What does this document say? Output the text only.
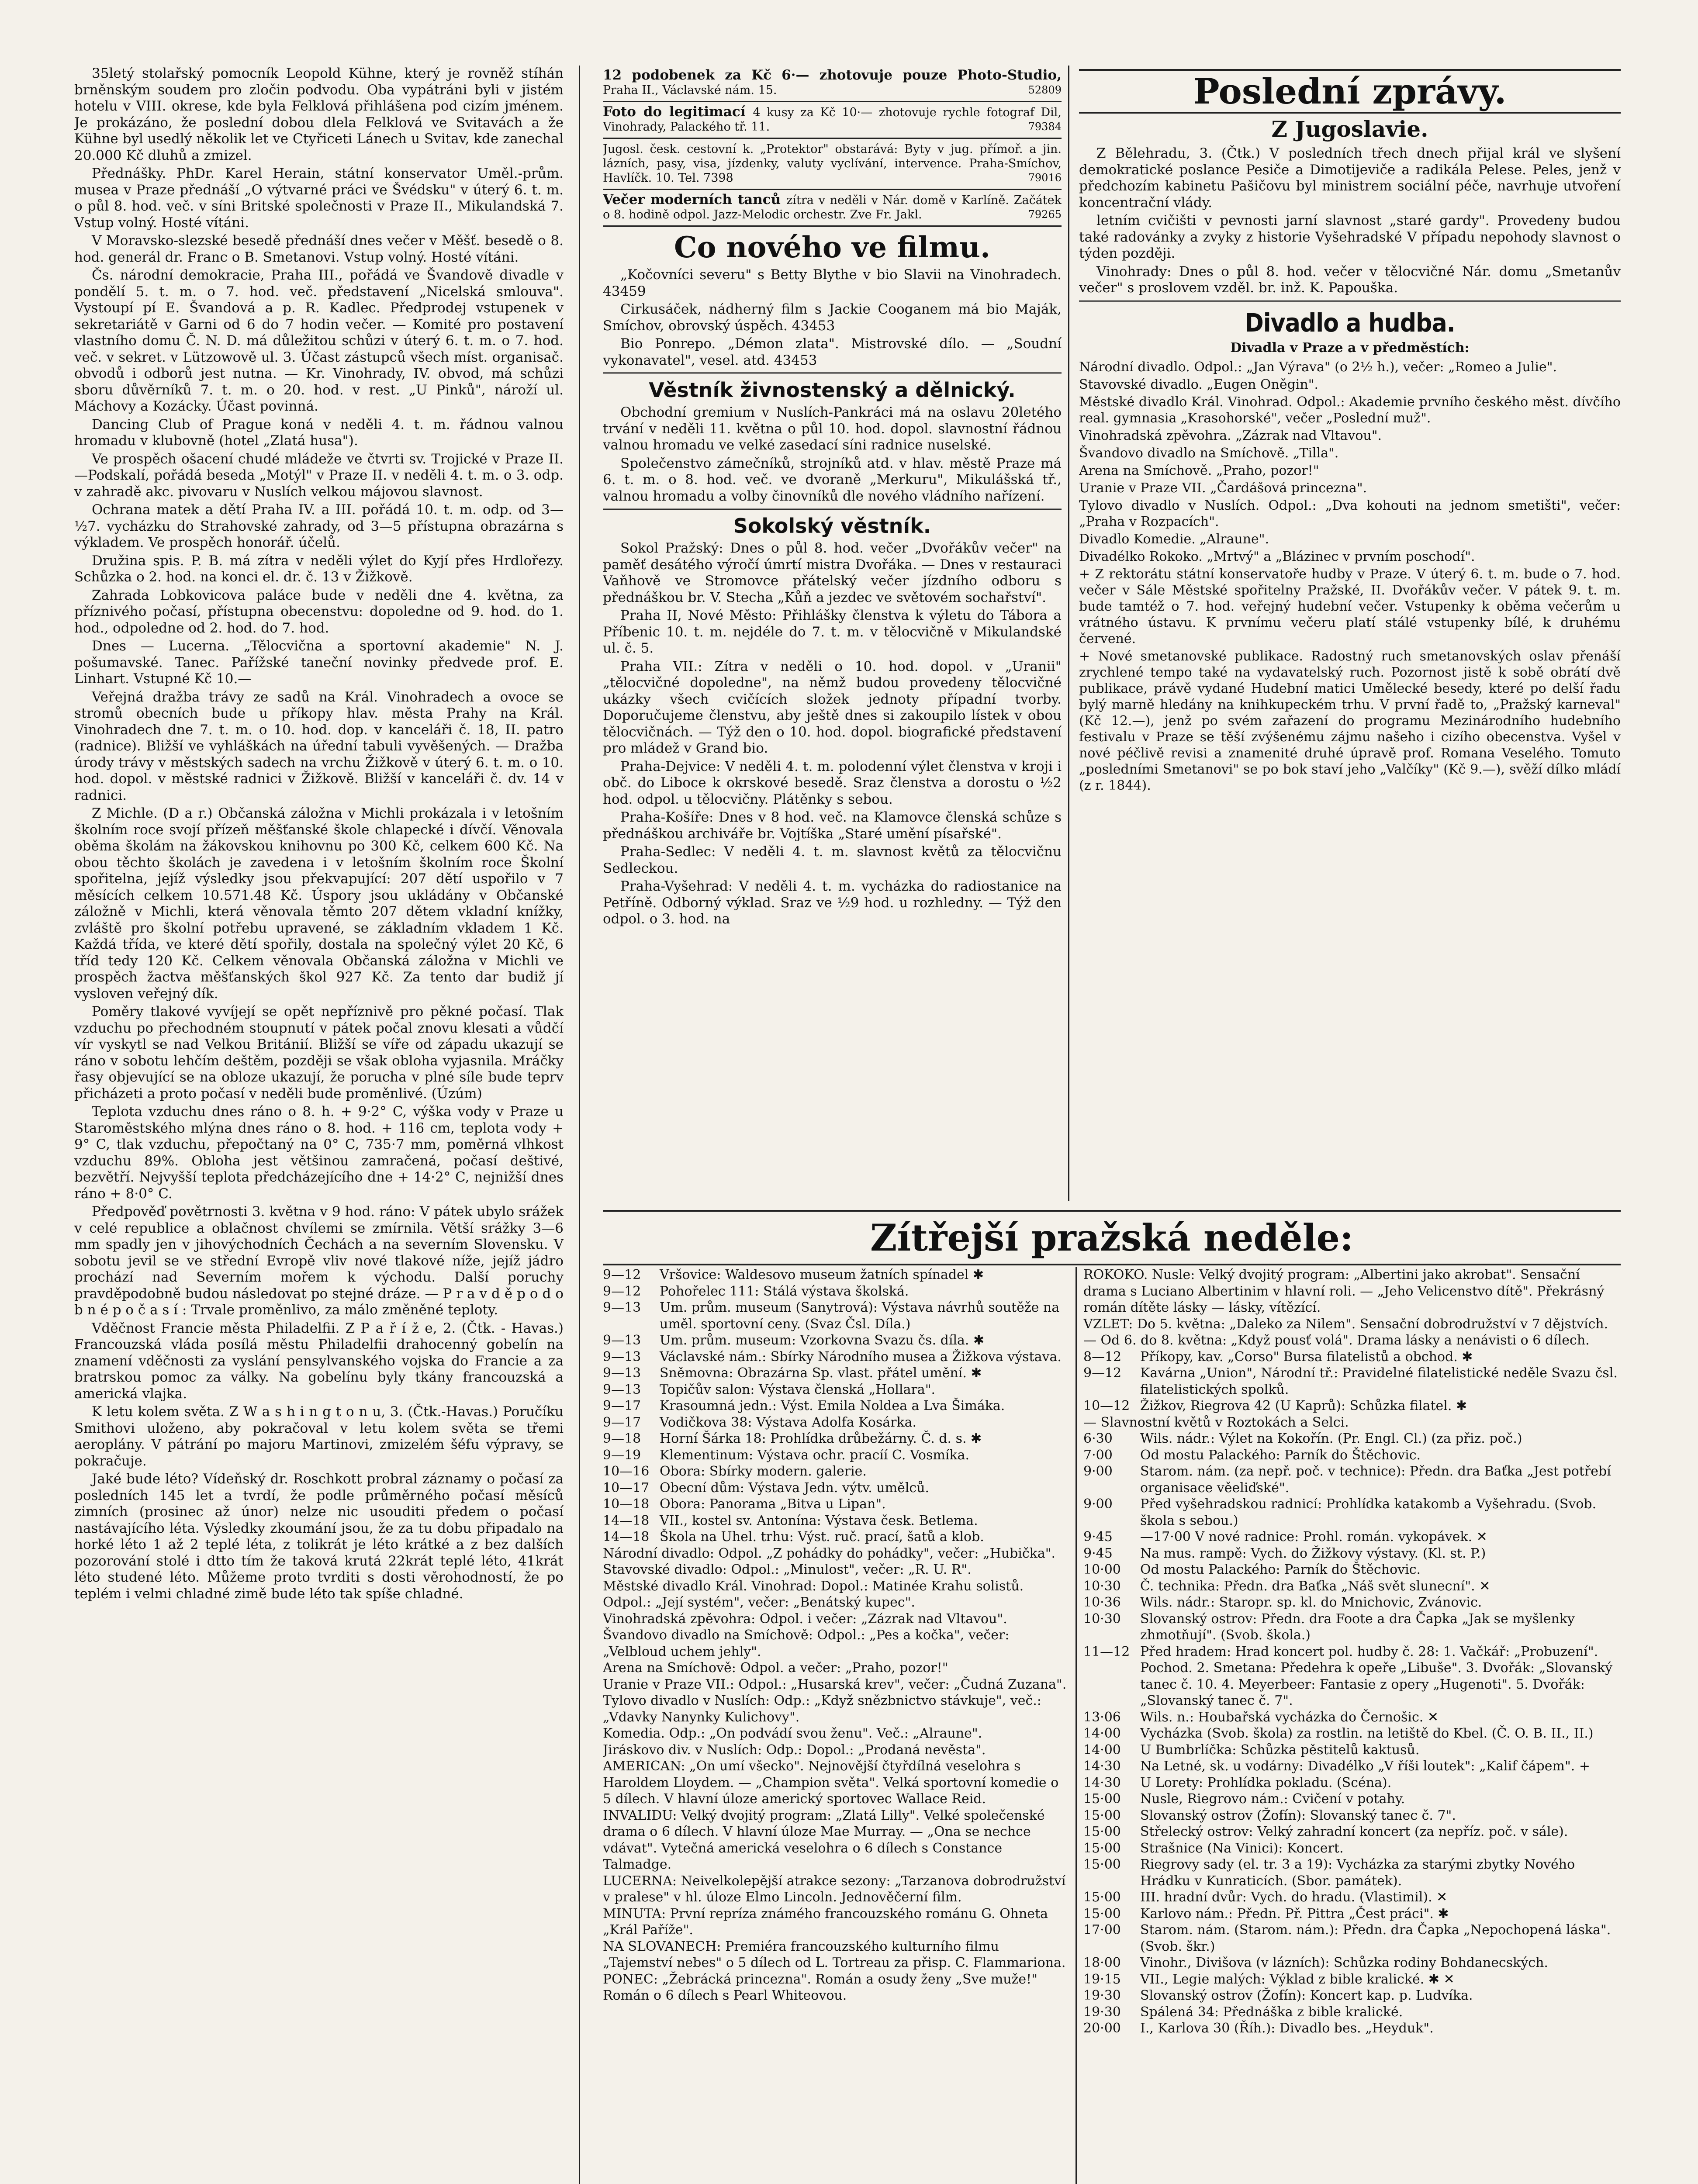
35letý stolařský pomocník Leopold Kühne, který je rovněž stíhán brněnským soudem pro zločin podvodu. Oba vypátráni byli v jistém hotelu v VIII. okrese, kde byla Felklová přihlášena pod cizím jménem. Je prokázáno, že poslední dobou dlela Felklová ve Svitavách a že Kühne byl usedlý několik let ve Ctyřiceti Lánech u Svitav, kde zanechal 20.000 Kč dluhů a zmizel.

Přednášky. PhDr. Karel Herain, státní konservator Uměl.-prům. musea v Praze přednáší „O výtvarné práci ve Švédsku" v úterý 6. t. m. o půl 8. hod. več. v síni Britské společnosti v Praze II., Mikulandská 7. Vstup volný. Hosté vítáni.

V Moravsko-slezské besedě přednáší dnes večer v Měšť. besedě o 8. hod. generál dr. Franc o B. Smetanovi. Vstup volný. Hosté vítáni.

Čs. národní demokracie, Praha III., pořádá ve Švandově divadle v pondělí 5. t. m. o 7. hod. več. představení „Nicelská smlouva". Vystoupí pí E. Švandová a p. R. Kadlec. Předprodej vstupenek v sekretariátě v Garni od 6 do 7 hodin večer. — Komité pro postavení vlastního domu Č. N. D. má důležitou schůzi v úterý 6. t. m. o 7. hod. več. v sekret. v Lützowově ul. 3. Účast zástupců všech míst. organisač. obvodů i odborů jest nutna. — Kr. Vinohrady, IV. obvod, má schůzi sboru důvěrníků 7. t. m. o 20. hod. v rest. „U Pinků", nároží ul. Máchovy a Kozácky. Účast povinná.

Dancing Club of Prague koná v neděli 4. t. m. řádnou valnou hromadu v klubovně (hotel „Zlatá husa").

Ve prospěch ošacení chudé mládeže ve čtvrti sv. Trojické v Praze II.—Podskalí, pořádá beseda „Motýl" v Praze II. v neděli 4. t. m. o 3. odp. v zahradě akc. pivovaru v Nuslích velkou májovou slavnost.

Ochrana matek a dětí Praha IV. a III. pořádá 10. t. m. odp. od 3—½7. vycházku do Strahovské zahrady, od 3—5 přístupna obrazárna s výkladem. Ve prospěch honorář. účelů.

Družina spis. P. B. má zítra v neděli výlet do Kyjí přes Hrdlořezy. Schůzka o 2. hod. na konci el. dr. č. 13 v Žižkově.

Zahrada Lobkovicova paláce bude v neděli dne 4. května, za příznivého počasí, přístupna obecenstvu: dopoledne od 9. hod. do 1. hod., odpoledne od 2. hod. do 7. hod.

Dnes — Lucerna. „Tělocvična a sportovní akademie" N. J. pošumavské. Tanec. Pařížské taneční novinky předvede prof. E. Linhart. Vstupné Kč 10.—

Veřejná dražba trávy ze sadů na Král. Vinohradech a ovoce se stromů obecních bude u příkopy hlav. města Prahy na Král. Vinohradech dne 7. t. m. o 10. hod. dop. v kanceláři č. 18, II. patro (radnice). Bližší ve vyhláškách na úřední tabuli vyvěšených. — Dražba úrody trávy v městských sadech na vrchu Žižkově v úterý 6. t. m. o 10. hod. dopol. v městské radnici v Žižkově. Bližší v kanceláři č. dv. 14 v radnici.

Z Michle. (D a r.) Občanská záložna v Michli prokázala i v letošním školním roce svojí přízeň měšťanské škole chlapecké i dívčí. Věnovala oběma školám na žákovskou knihovnu po 300 Kč, celkem 600 Kč. Na obou těchto školách je zavedena i v letošním školním roce Školní spořitelna, jejíž výsledky jsou překvapující: 207 dětí uspořilo v 7 měsících celkem 10.571.48 Kč. Úspory jsou ukládány v Občanské záložně v Michli, která věnovala těmto 207 dětem vkladní knížky, zvláště pro školní potřebu upravené, se základním vkladem 1 Kč. Každá třída, ve které dětí spořily, dostala na společný výlet 20 Kč, 6 tříd tedy 120 Kč. Celkem věnovala Občanská záložna v Michli ve prospěch žactva měšťanských škol 927 Kč. Za tento dar budiž jí vysloven veřejný dík.

Poměry tlakové vyvíjejí se opět nepříznivě pro pěkné počasí. Tlak vzduchu po přechodném stoupnutí v pátek počal znovu klesati a vůdčí vír vyskytl se nad Velkou Británií. Bližší se víře od západu ukazují se ráno v sobotu lehčím deštěm, později se však obloha vyjasnila. Mráčky řasy objevující se na obloze ukazují, že porucha v plné síle bude teprv přicházeti a proto počasí v neděli bude proměnlivé. (Úzúm)

Teplota vzduchu dnes ráno o 8. h. + 9·2° C, výška vody v Praze u Staroměstského mlýna dnes ráno o 8. hod. + 116 cm, teplota vody + 9° C, tlak vzduchu, přepočtaný na 0° C, 735·7 mm, poměrná vlhkost vzduchu 89%. Obloha jest většinou zamračená, počasí deštivé, bezvětří. Nejvyšší teplota předcházejícího dne + 14·2° C, nejnižší dnes ráno + 8·0° C.

Předpověď povětrnosti 3. května v 9 hod. ráno: V pátek ubylo srážek v celé republice a oblačnost chvílemi se zmírnila. Větší srážky 3—6 mm spadly jen v jihovýchodních Čechách a na severním Slovensku. V sobotu jevil se ve střední Evropě vliv nové tlakové níže, jejíž jádro prochází nad Severním mořem k východu. Další poruchy pravděpodobně budou následovat po stejné dráze. — P r a v d ě p o d o b n é p o č a s í : Trvale proměnlivo, za málo změněné teploty.

Vděčnost Francie města Philadelfii. Z P a ř í ž e, 2. (Čtk. - Havas.) Francouzská vláda posílá městu Philadelfii drahocenný gobelín na znamení vděčnosti za vyslání pensylvanského vojska do Francie a za bratrskou pomoc za války. Na gobelínu byly tkány francouzská a americká vlajka.

K letu kolem světa. Z W a s h i n g t o n u, 3. (Čtk.-Havas.) Poručíku Smithovi uloženo, aby pokračoval v letu kolem světa se třemi aeroplány. V pátrání po majoru Martinovi, zmizelém šéfu výpravy, se pokračuje.

Jaké bude léto? Vídeňský dr. Roschkott probral záznamy o počasí za posledních 145 let a tvrdí, že podle průměrného počasí měsíců zimních (prosinec až únor) nelze nic usouditi předem o počasí nastávajícího léta. Výsledky zkoumání jsou, že za tu dobu připadalo na horké léto 1 až 2 teplé léta, z tolikrát je léto krátké a z bez dalších pozorování stolé i dtto tím že taková krutá 22krát teplé léto, 41krát léto studené léto. Můžeme proto tvrditi s dosti věrohodností, že po teplém i velmi chladné zimě bude léto tak spíše chladné.

12 podobenek za Kč 6·— zhotovuje pouze Photo-Studio, Praha II., Václavské nám. 15.	52809
Foto do legitimací 4 kusy za Kč 10·— zhotovuje rychle fotograf Dil, Vinohrady, Palackého tř. 11.	79384
Jugosl. česk. cestovní k. „Protektor" obstarává: Byty v jug. přímoř. a jin. lázních, pasy, visa, jízdenky, valuty vyclívání, intervence. Praha-Smíchov, Havlíčk. 10. Tel. 7398	79016
Večer moderních tanců zítra v neděli v Nár. domě v Karlíně. Začátek o 8. hodině odpol. Jazz-Melodic orchestr. Zve Fr. Jakl.	79265
Co nového ve filmu.

„Kočovníci severu" s Betty Blythe v bio Slavii na Vinohradech. 43459

Cirkusáček, nádherný film s Jackie Cooganem má bio Maják, Smíchov, obrovský úspěch. 43453

Bio Ponrepo. „Démon zlata". Mistrovské dílo. — „Soudní vykonavatel", vesel. atd. 43453

Věstník živnostenský a dělnický.

Obchodní gremium v Nuslích-Pankráci má na oslavu 20letého trvání v neděli 11. května o půl 10. hod. dopol. slavnostní řádnou valnou hromadu ve velké zasedací síni radnice nuselské.

Společenstvo zámečníků, strojníků atd. v hlav. městě Praze má 6. t. m. o 8. hod. več. ve dvoraně „Merkuru", Mikulášská tř., valnou hromadu a volby činovníků dle nového vládního nařízení.

Sokolský věstník.

Sokol Pražský: Dnes o půl 8. hod. večer „Dvořákův večer" na paměť desátého výročí úmrtí mistra Dvořáka. — Dnes v restauraci Vaňhově ve Stromovce přátelský večer jízdního odboru s přednáškou br. V. Stecha „Kůň a jezdec ve světovém sochařství".

Praha II, Nové Město: Přihlášky členstva k výletu do Tábora a Příbenic 10. t. m. nejdéle do 7. t. m. v tělocvičně v Mikulandské ul. č. 5.

Praha VII.: Zítra v neděli o 10. hod. dopol. v „Uranii" „tělocvičné dopoledne", na němž budou provedeny tělocvičné ukázky všech cvičících složek jednoty případní tvorby. Doporučujeme členstvu, aby ještě dnes si zakoupilo lístek v obou tělocvičnách. — Týž den o 10. hod. dopol. biografické představení pro mládež v Grand bio.

Praha-Dejvice: V neděli 4. t. m. polodenní výlet členstva v kroji i obč. do Liboce k okrskové besedě. Sraz členstva a dorostu o ½2 hod. odpol. u tělocvičny. Plátěnky s sebou.

Praha-Košíře: Dnes v 8 hod. več. na Klamovce členská schůze s přednáškou archiváře br. Vojtíška „Staré umění písařské".

Praha-Sedlec: V neděli 4. t. m. slavnost květů za tělocvičnu Sedleckou.

Praha-Vyšehrad: V neděli 4. t. m. vycházka do radiostanice na Petříně. Odborný výklad. Sraz ve ½9 hod. u rozhledny. — Týž den odpol. o 3. hod. na

Poslední zprávy.
Z Jugoslavie.

Z Bělehradu, 3. (Čtk.) V posledních třech dnech přijal král ve slyšení demokratické poslance Pesiče a Dimotijeviče a radikála Pelese. Peles, jenž v předchozím kabinetu Pašičovu byl ministrem sociální péče, navrhuje utvoření koncentrační vlády.

letním cvičišti v pevnosti jarní slavnost „staré gardy". Provedeny budou také radovánky a zvyky z historie Vyšehradské V případu nepohody slavnost o týden později.

Vinohrady: Dnes o půl 8. hod. večer v tělocvičné Nár. domu „Smetanův večer" s proslovem vzděl. br. inž. K. Papouška.

Divadlo a hudba.
Divadla v Praze a v předměstích:

Národní divadlo. Odpol.: „Jan Výrava" (o 2½ h.), večer: „Romeo a Julie".

Stavovské divadlo. „Eugen Oněgin".

Městské divadlo Král. Vinohrad. Odpol.: Akademie prvního českého měst. dívčího real. gymnasia „Krasohorské", večer „Poslední muž".

Vinohradská zpěvohra. „Zázrak nad Vltavou".

Švandovo divadlo na Smíchově. „Tilla".

Arena na Smíchově. „Praho, pozor!"

Uranie v Praze VII. „Čardášová princezna".

Tylovo divadlo v Nuslích. Odpol.: „Dva kohouti na jednom smetišti", večer: „Praha v Rozpacích".

Divadlo Komedie. „Alraune".

Divadélko Rokoko. „Mrtvý" a „Blázinec v prvním poschodí".

+ Z rektorátu státní konservatoře hudby v Praze. V úterý 6. t. m. bude o 7. hod. večer v Sále Městské spořitelny Pražské, II. Dvořákův večer. V pátek 9. t. m. bude tamtéž o 7. hod. veřejný hudební večer. Vstupenky k oběma večerům u vrátného ústavu. K prvnímu večeru platí stálé vstupenky bílé, k druhému červené.

+ Nové smetanovské publikace. Radostný ruch smetanovských oslav přenáší zrychlené tempo také na vydavatelský ruch. Pozornost jistě k sobě obrátí dvě publikace, právě vydané Hudební matici Umělecké besedy, které po delší řadu bylý marně hledány na knihkupeckém trhu. V první řadě to, „Pražský karneval" (Kč 12.—), jenž po svém zařazení do programu Mezinárodního hudebního festivalu v Praze se těší zvýšenému zájmu našeho i cizího obecenstva. Vyšel v nové péčlivě revisi a znamenité druhé úpravě prof. Romana Veselého. Tomuto „posledními Smetanovi" se po bok staví jeho „Valčíky" (Kč 9.—), svěží dílko mládí (z r. 1844).

Zítřejší pražská neděle:
9—12	Vršovice: Waldesovo museum žatních spínadel ✱
9—12	Pohořelec 111: Stálá výstava školská.
9—13	Um. prům. museum (Sanytrová): Výstava návrhů soutěže na uměl. sportovní ceny. (Svaz Čsl. Díla.)
9—13	Um. prům. museum: Vzorkovna Svazu čs. díla. ✱
9—13	Václavské nám.: Sbírky Národního musea a Žižkova výstava.
9—13	Sněmovna: Obrazárna Sp. vlast. přátel umění. ✱
9—13	Topičův salon: Výstava členská „Hollara".
9—17	Krasoumná jedn.: Výst. Emila Noldea a Lva Šimáka.
9—17	Vodičkova 38: Výstava Adolfa Kosárka.
9—18	Horní Šárka 18: Prohlídka drůbežárny. Č. d. s. ✱
9—19	Klementinum: Výstava ochr. pracíí C. Vosmíka.
10—16 Obora: Sbírky modern. galerie.
10—17 Obecní dům: Výstava Jedn. výtv. umělců.
10—18 Obora: Panorama „Bitva u Lipan".
14—18 VII., kostel sv. Antonína: Výstava česk. Betlema.
14—18 Škola na Uhel. trhu: Výst. ruč. prací, šatů a klob.
Národní divadlo: Odpol. „Z pohádky do pohádky", večer: „Hubička".
Stavovské divadlo: Odpol.: „Minulost", večer: „R. U. R".
Městské divadlo Král. Vinohrad: Dopol.: Matinée Krahu solistů. Odpol.: „Její systém", večer: „Benátský kupec".
Vinohradská zpěvohra: Odpol. i večer: „Zázrak nad Vltavou".
Švandovo divadlo na Smíchově: Odpol.: „Pes a kočka", večer: „Velbloud uchem jehly".
Arena na Smíchově: Odpol. a večer: „Praho, pozor!"
Uranie v Praze VII.: Odpol.: „Husarská krev", večer: „Čudná Zuzana".
Tylovo divadlo v Nuslích: Odp.: „Když snězbnictvo stávkuje", več.: „Vdavky Nanynky Kulichovy".
Komedia. Odp.: „On podvádí svou ženu". Več.: „Alraune".
Jiráskovo div. v Nuslích: Odp.: Dopol.: „Prodaná nevěsta".
AMERICAN: „On umí všecko". Nejnovější čtyřdílná veselohra s Haroldem Lloydem. — „Champion světa". Velká sportovní komedie o 5 dílech. V hlavní úloze americký sportovec Wallace Reid.
INVALIDU: Velký dvojitý program: „Zlatá Lilly". Velké společenské drama o 6 dílech. V hlavní úloze Mae Murray. — „Ona se nechce vdávat". Vytečná americká veselohra o 6 dílech s Constance Talmadge.
LUCERNA: Neivelkolepější atrakce sezony: „Tarzanova dobrodružství v pralese" v hl. úloze Elmo Lincoln. Jednověčerní film.
MINUTA: První repríza známého francouzského románu G. Ohneta „Král Paříže".
NA SLOVANECH: Premiéra francouzského kulturního filmu „Tajemství nebes" o 5 dílech od L. Tortreau za přisp. C. Flammariona.
PONEC: „Žebrácká princezna". Román a osudy ženy „Sve muže!" Román o 6 dílech s Pearl Whiteovou.
ROKOKO. Nusle: Velký dvojitý program: „Albertini jako akrobat". Sensační drama s Luciano Albertinim v hlavní roli. — „Jeho Velicenstvo dítě". Překrásný román dítěte lásky — lásky, vítězící.
VZLET: Do 5. května: „Daleko za Nilem". Sensační dobrodružství v 7 dějstvích. — Od 6. do 8. května: „Když pousť volá". Drama lásky a nenávisti o 6 dílech.
8—12	Příkopy, kav. „Corso" Bursa filatelistů a obchod. ✱
9—12	Kavárna „Union", Národní tř.: Pravidelné filatelistické neděle Svazu čsl. filatelistických spolků.
10—12 Žižkov, Riegrova 42 (U Kaprů): Schůzka filatel. ✱
— Slavnostní květů v Roztokách a Selci.
6·30	Wils. nádr.: Výlet na Kokořín. (Pr. Engl. Cl.) (za přiz. poč.)
7·00	Od mostu Palackého: Parník do Štěchovic.
9·00	Starom. nám. (za nepř. poč. v technice): Předn. dra Baťka „Jest potřebí organisace věeliďské".
9·00	Před vyšehradskou radnicí: Prohlídka katakomb a Vyšehradu. (Svob. škola s sebou.)
9·45	—17·00 V nové radnice: Prohl. román. vykopávek. ✕
9·45	Na mus. rampě: Vych. do Žižkovy výstavy. (Kl. st. P.)
10·00	Od mostu Palackého: Parník do Štěchovic.
10·30	Č. technika: Předn. dra Baťka „Náš svět slunecní". ✕
10·36	Wils. nádr.: Staropr. sp. kl. do Mnichovic, Zvánovic.
10·30	Slovanský ostrov: Předn. dra Foote a dra Čapka „Jak se myšlenky zhmotňují". (Svob. škola.)
11—12 Před hradem: Hrad koncert pol. hudby č. 28: 1. Vačkář: „Probuzení". Pochod. 2. Smetana: Předehra k opeře „Libuše". 3. Dvořák: „Slovanský tanec č. 10. 4. Meyerbeer: Fantasie z opery „Hugenoti". 5. Dvořák: „Slovanský tanec č. 7".
13·06	Wils. n.: Houbařská vycházka do Černošic. ✕
14·00	Vycházka (Svob. škola) za rostlin. na letiště do Kbel. (Č. O. B. II., II.)
14·00	U Bumbrlíčka: Schůzka pěstitelů kaktusů.
14·30	Na Letné, sk. u vodárny: Divadélko „V říši loutek": „Kalif čápem". +
14·30	U Lorety: Prohlídka pokladu. (Scéna).
15·00	Nusle, Riegrovo nám.: Cvičení v potahy.
15·00	Slovanský ostrov (Žofín): Slovanský tanec č. 7".
15·00	Střelecký ostrov: Velký zahradní koncert (za nepříz. poč. v sále).
15·00	Strašnice (Na Vinici): Koncert.
15·00	Riegrovy sady (el. tr. 3 a 19): Vycházka za starými zbytky Nového Hrádku v Kunraticích. (Sbor. památek).
15·00	III. hradní dvůr: Vych. do hradu. (Vlastimil). ✕
15·00	Karlovo nám.: Předn. Př. Pittra „Čest práci". ✱
17·00	Starom. nám. (Starom. nám.): Předn. dra Čapka „Nepochopená láska". (Svob. škr.)
18·00	Vinohr., Divišova (v lázních): Schůzka rodiny Bohdanecských.
19·15	VII., Legie malých: Výklad z bible kralické. ✱ ✕
19·30	Slovanský ostrov (Žofín): Koncert kap. p. Ludvíka.
19·30	Spálená 34: Přednáška z bible kralické.
20·00	I., Karlova 30 (Říh.): Divadlo bes. „Heyduk".
